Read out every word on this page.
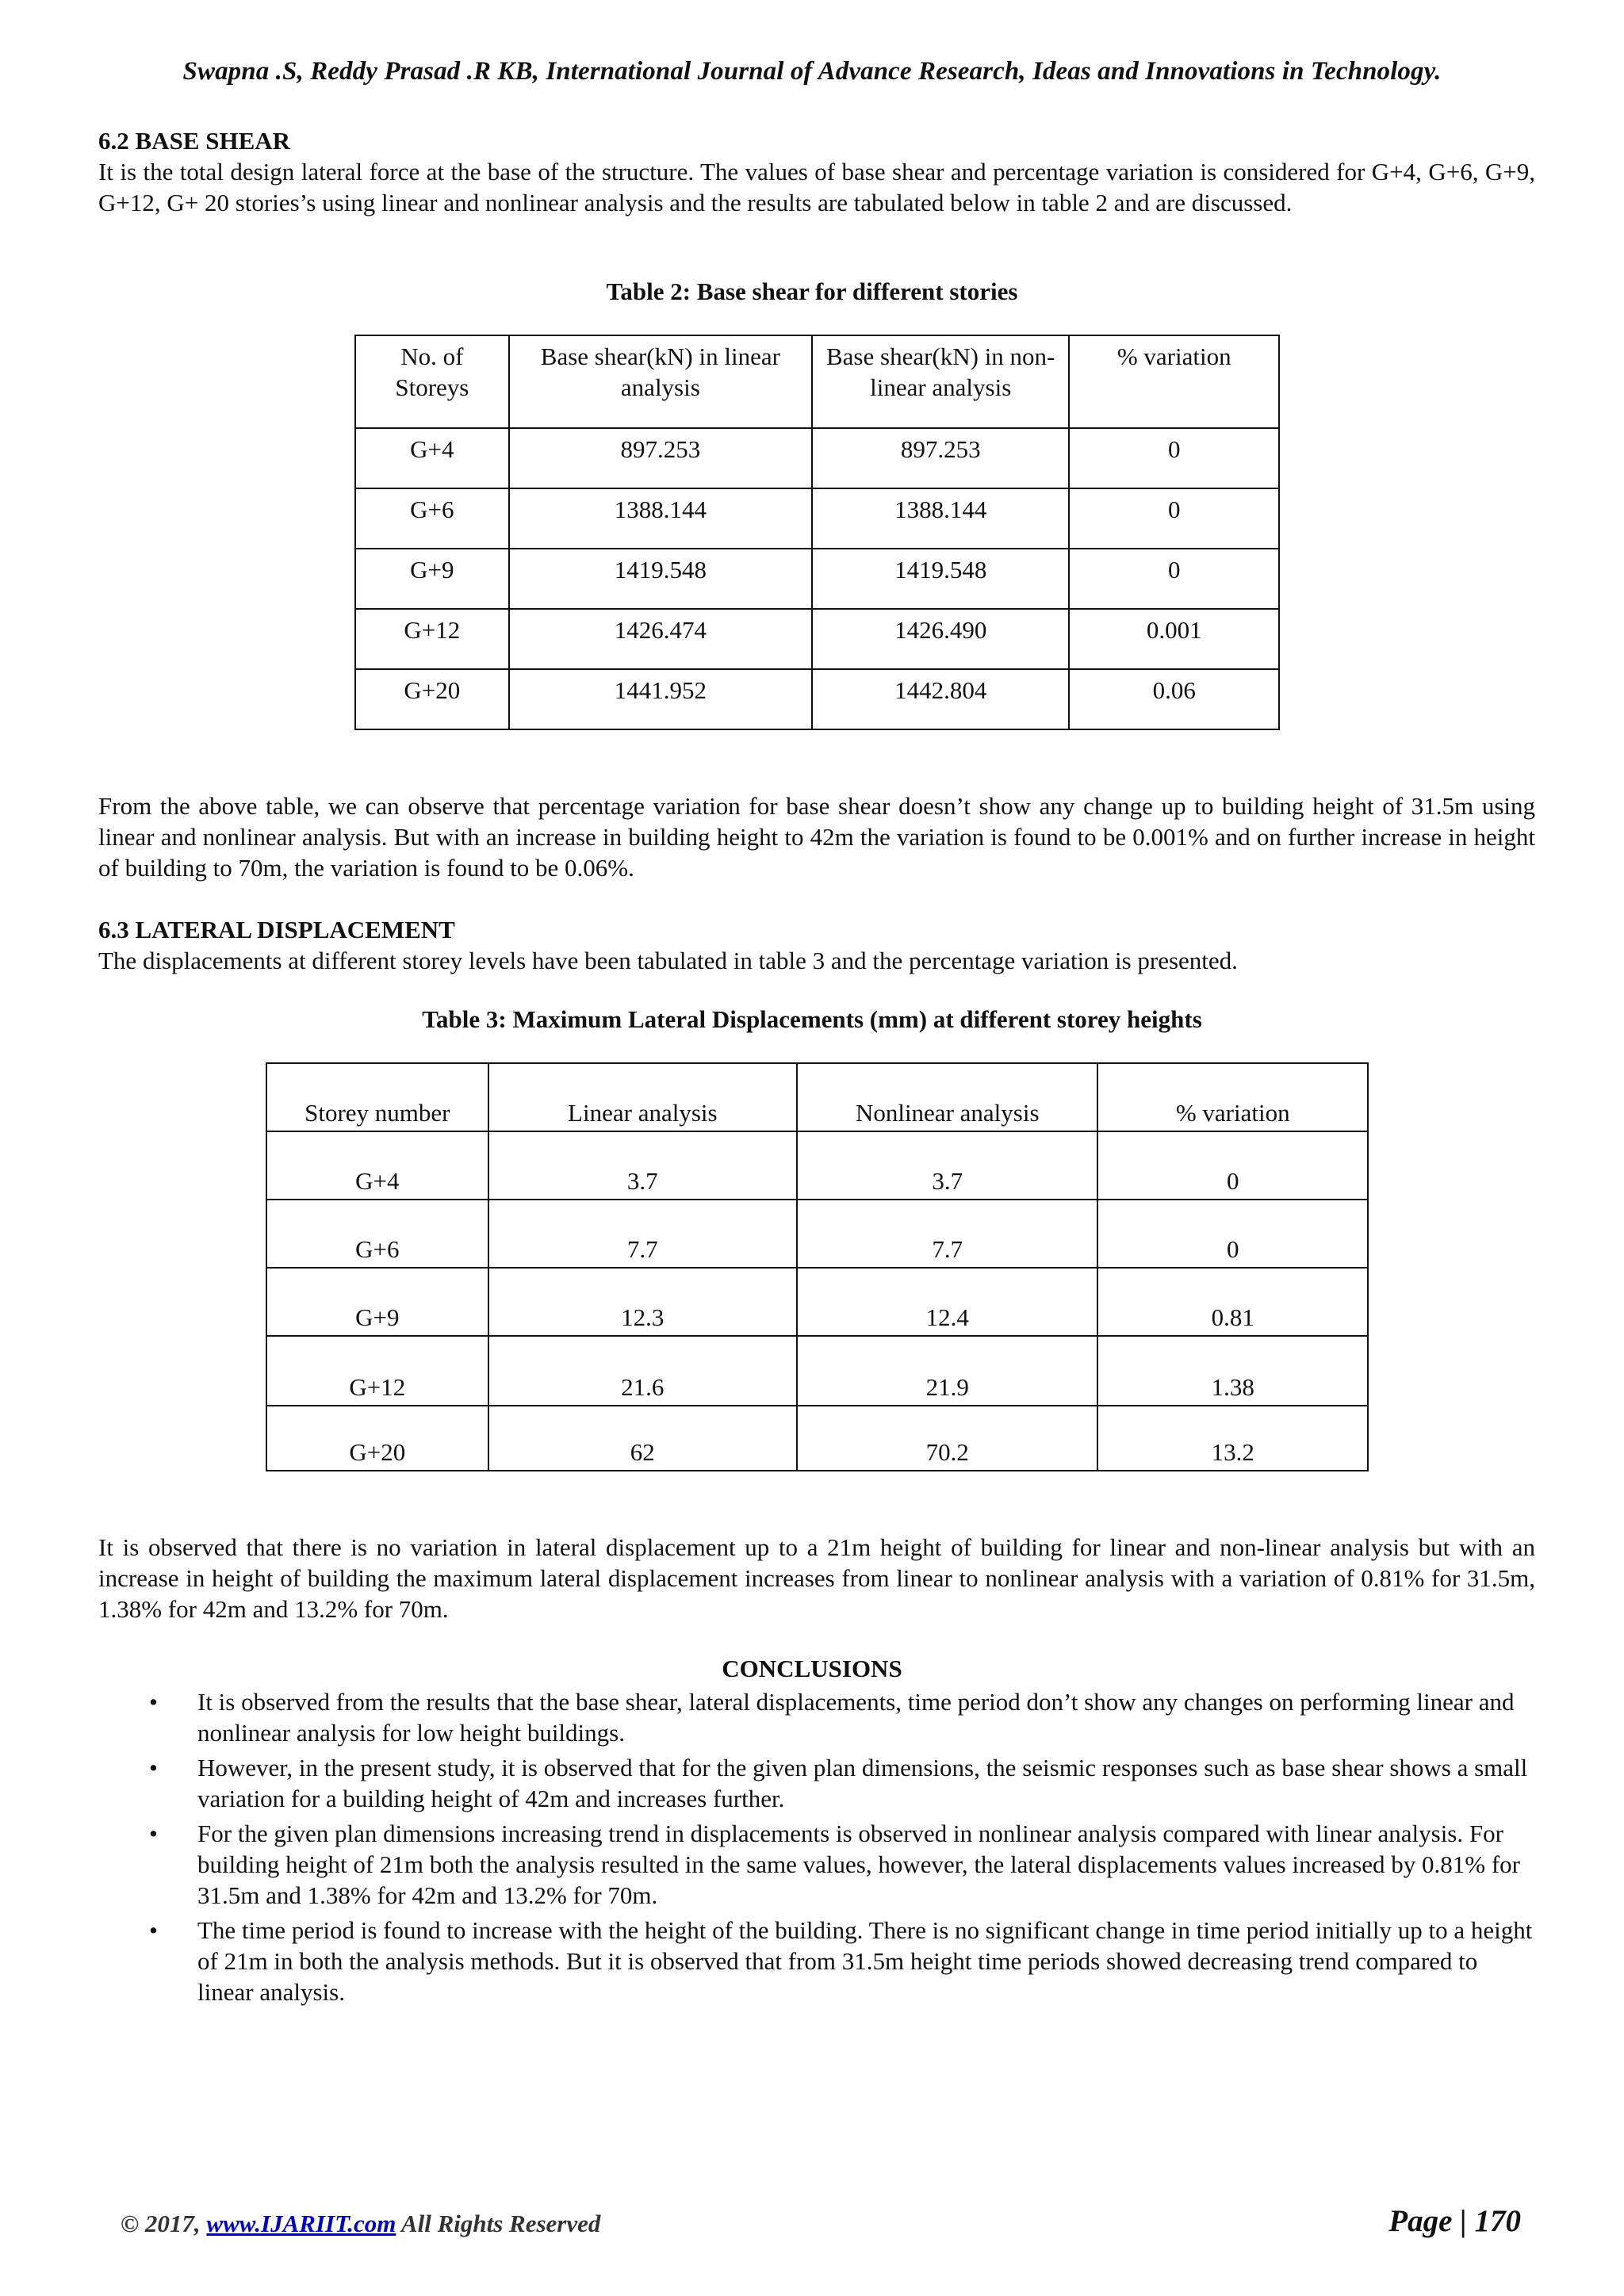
Swapna .S, Reddy Prasad .R KB, International Journal of Advance Research, Ideas and Innovations in Technology.
6.2 BASE SHEAR
It is the total design lateral force at the base of the structure. The values of base shear and percentage variation is considered for G+4, G+6, G+9, G+12, G+ 20 stories’s using linear and nonlinear analysis and the results are tabulated below in table 2 and are discussed.
Table 2: Base shear for different stories
No. of Storeys	Base shear(kN) in linear analysis	Base shear(kN) in non-linear analysis	% variation
G+4	897.253	897.253	0
G+6	1388.144	1388.144	0
G+9	1419.548	1419.548	0
G+12	1426.474	1426.490	0.001
G+20	1441.952	1442.804	0.06
From the above table, we can observe that percentage variation for base shear doesn’t show any change up to building height of 31.5m using linear and nonlinear analysis. But with an increase in building height to 42m the variation is found to be 0.001% and on further increase in height of building to 70m, the variation is found to be 0.06%.
6.3 LATERAL DISPLACEMENT
The displacements at different storey levels have been tabulated in table 3 and the percentage variation is presented.
Table 3: Maximum Lateral Displacements (mm) at different storey heights
Storey number	Linear analysis	Nonlinear analysis	% variation
G+4	3.7	3.7	0
G+6	7.7	7.7	0
G+9	12.3	12.4	0.81
G+12	21.6	21.9	1.38
G+20	62	70.2	13.2
It is observed that there is no variation in lateral displacement up to a 21m height of building for linear and non-linear analysis but with an increase in height of building the maximum lateral displacement increases from linear to nonlinear analysis with a variation of 0.81% for 31.5m, 1.38% for 42m and 13.2% for 70m.
CONCLUSIONS
• It is observed from the results that the base shear, lateral displacements, time period don’t show any changes on performing linear and nonlinear analysis for low height buildings.
• However, in the present study, it is observed that for the given plan dimensions, the seismic responses such as base shear shows a small variation for a building height of 42m and increases further.
• For the given plan dimensions increasing trend in displacements is observed in nonlinear analysis compared with linear analysis. For building height of 21m both the analysis resulted in the same values, however, the lateral displacements values increased by 0.81% for 31.5m and 1.38% for 42m and 13.2% for 70m.
• The time period is found to increase with the height of the building. There is no significant change in time period initially up to a height of 21m in both the analysis methods. But it is observed that from 31.5m height time periods showed decreasing trend compared to linear analysis.
© 2017, www.IJARIIT.com All Rights Reserved	Page | 170
